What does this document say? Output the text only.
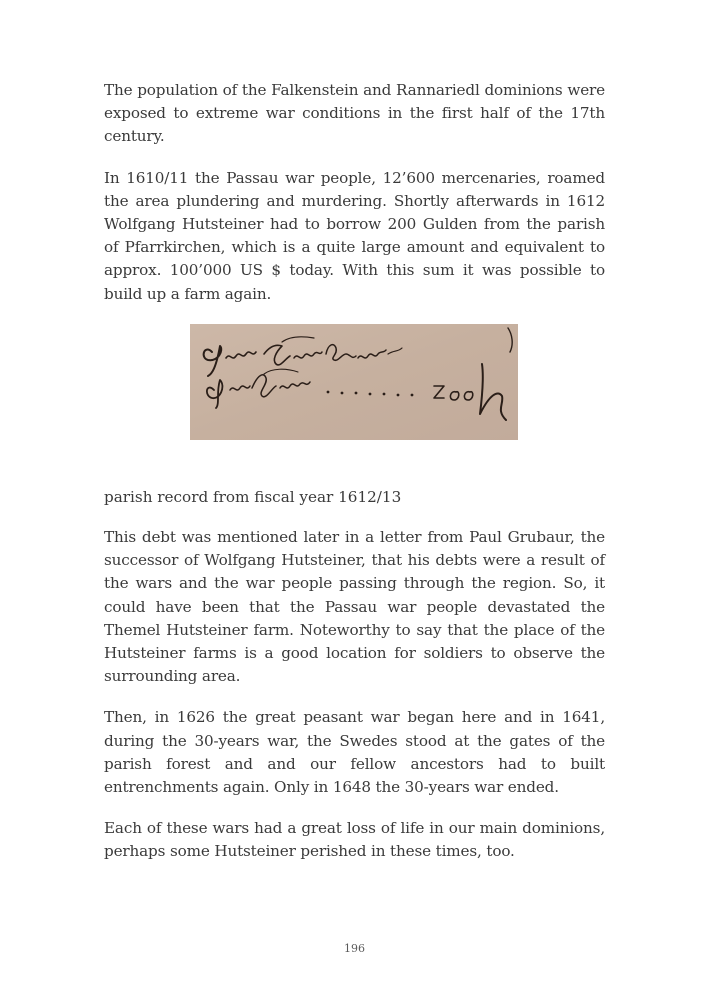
The population of the Falkenstein and Rannariedl dominions were exposed to extreme war conditions in the first half of the 17th century.

In 1610/11 the Passau war people, 12’600 mercenaries, roamed the area plundering and murdering. Shortly afterwards in 1612 Wolfgang Hutsteiner had to borrow 200 Gulden from the parish of Pfarrkirchen, which is a quite large amount and equivalent to approx. 100’000 US $ today. With this sum it was possible to build up a farm again.

parish record from fiscal year 1612/13

This debt was mentioned later in a letter from Paul Grubaur, the successor of Wolfgang Hutsteiner, that his debts were a result of the wars and the war people passing through the region. So, it could have been that the Passau war people devastated the Themel Hutsteiner farm. Noteworthy to say that the place of the Hutsteiner farms is a good location for soldiers to observe the surrounding area.

Then, in 1626 the great peasant war began here and in 1641, during the 30-years war, the Swedes stood at the gates of the parish forest and and our fellow ancestors had to built entrenchments again. Only in 1648 the 30-years war ended.

Each of these wars had a great loss of life in our main dominions, perhaps some Hutsteiner perished in these times, too.

196
